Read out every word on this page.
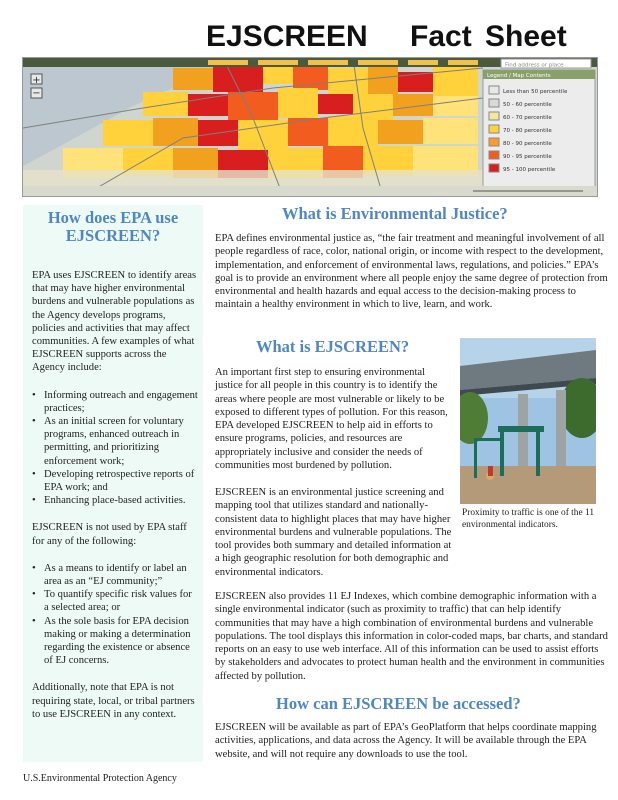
EJSCREEN Fact Sheet
+
−
Find address or place
Legend / Map Contents
Less than 50 percentile
50 - 60 percentile
60 - 70 percentile
70 - 80 percentile
80 - 90 percentile
90 - 95 percentile
95 - 100 percentile
How does EPA use EJSCREEN?

EPA uses EJSCREEN to identify areas that may have higher environmental burdens and vulnerable populations as the Agency develops programs, policies and activities that may affect communities. A few examples of what EJSCREEN supports across the Agency include:

• Informing outreach and engagement practices;
• As an initial screen for voluntary programs, enhanced outreach in permitting, and prioritizing enforcement work;
• Developing retrospective reports of EPA work; and
• Enhancing place-based activities.

EJSCREEN is not used by EPA staff for any of the following:

• As a means to identify or label an area as an “EJ community;”
• To quantify specific risk values for a selected area; or
• As the sole basis for EPA decision making or making a determination regarding the existence or absence of EJ concerns.

Additionally, note that EPA is not requiring state, local, or tribal partners to use EJSCREEN in any context.

What is Environmental Justice?

EPA defines environmental justice as, “the fair treatment and meaningful involvement of all people regardless of race, color, national origin, or income with respect to the development, implementation, and enforcement of environmental laws, regulations, and policies.” EPA’s goal is to provide an environment where all people enjoy the same degree of protection from environmental and health hazards and equal access to the decision-making process to maintain a healthy environment in which to live, learn, and work.

What is EJSCREEN?

An important first step to ensuring environmental justice for all people in this country is to identify the areas where people are most vulnerable or likely to be exposed to different types of pollution. For this reason, EPA developed EJSCREEN to help aid in efforts to ensure programs, policies, and resources are appropriately inclusive and consider the needs of communities most burdened by pollution.

EJSCREEN is an environmental justice screening and mapping tool that utilizes standard and nationally-consistent data to highlight places that may have higher environmental burdens and vulnerable populations. The tool provides both summary and detailed information at a high geographic resolution for both demographic and environmental indicators.

EJSCREEN also provides 11 EJ Indexes, which combine demographic information with a single environmental indicator (such as proximity to traffic) that can help identify communities that may have a high combination of environmental burdens and vulnerable populations. The tool displays this information in color-coded maps, bar charts, and standard reports on an easy to use web interface. All of this information can be used to assist efforts by stakeholders and advocates to protect human health and the environment in communities affected by pollution.

How can EJSCREEN be accessed?

EJSCREEN will be available as part of EPA’s GeoPlatform that helps coordinate mapping activities, applications, and data across the Agency. It will be available through the EPA website, and will not require any downloads to use the tool.

Proximity to traffic is one of the 11 environmental indicators.
U.S.Environmental Protection Agency
